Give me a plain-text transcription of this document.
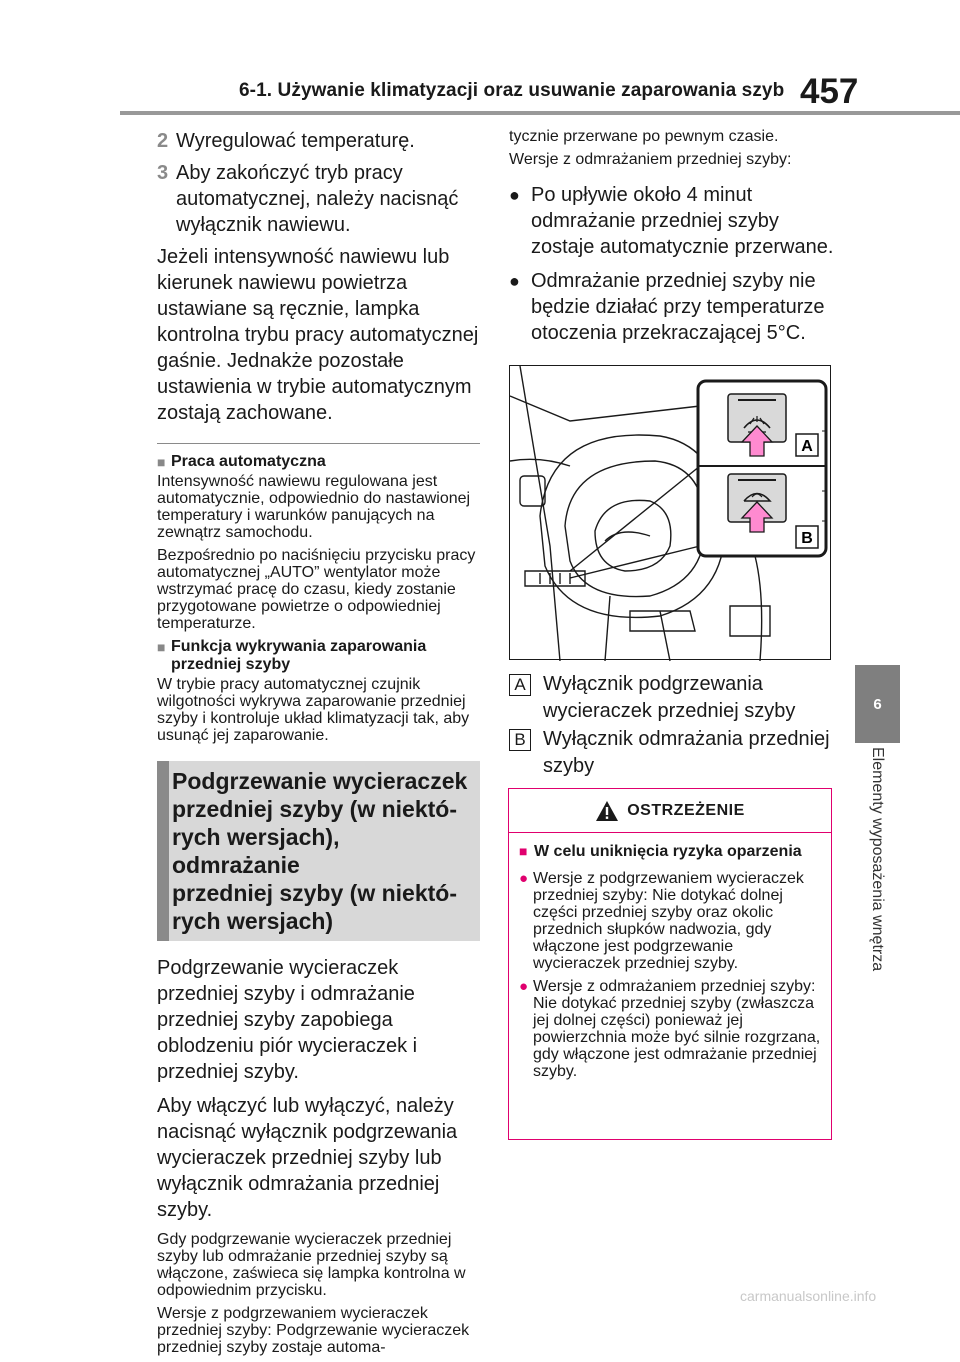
6-1. Używanie klimatyzacji oraz usuwanie zaparowania szyb 457
2 Wyregulować temperaturę.
3 Aby zakończyć tryb pracy automatycznej, należy nacisnąć wyłącznik nawiewu.

Jeżeli intensywność nawiewu lub kierunek nawiewu powietrza ustawiane są ręcznie, lampka kontrolna trybu pracy automatycznej gaśnie. Jednakże pozostałe ustawienia w trybie automatycznym zostają zachowane.

■ Praca automatyczna

Intensywność nawiewu regulowana jest automatycznie, odpowiednio do nastawionej temperatury i warunków panujących na zewnątrz samochodu.

Bezpośrednio po naciśnięciu przycisku pracy automatycznej „AUTO” wentylator może wstrzymać pracę do czasu, kiedy zostanie przygotowane powietrze o odpowiedniej temperaturze.

■ Funkcja wykrywania zaparowania przedniej szyby

W trybie pracy automatycznej czujnik wilgotności wykrywa zaparowanie przedniej szyby i kontroluje układ klimatyzacji tak, aby usunąć jej zaparowanie.

Podgrzewanie wycieraczek
przedniej szyby (w niektó-
rych wersjach), odmrażanie
przedniej szyby (w niektó-
rych wersjach)

Podgrzewanie wycieraczek przedniej szyby i odmrażanie przedniej szyby zapobiega oblodzeniu piór wycieraczek i przedniej szyby.

Aby włączyć lub wyłączyć, należy nacisnąć wyłącznik podgrzewania wycieraczek przedniej szyby lub wyłącznik odmrażania przedniej szyby.

Gdy podgrzewanie wycieraczek przedniej szyby lub odmrażanie przedniej szyby są włączone, zaświeca się lampka kontrolna w odpowiednim przycisku.

Wersje z podgrzewaniem wycieraczek przedniej szyby: Podgrzewanie wycieraczek przedniej szyby zostaje automa-

tycznie przerwane po pewnym czasie.

Wersje z odmrażaniem przedniej szyby:

● Po upływie około 4 minut odmrażanie przedniej szyby zostaje automatycznie przerwane.
● Odmrażanie przedniej szyby nie będzie działać przy temperaturze otoczenia przekraczającej 5°C.
A
B
A Wyłącznik podgrzewania wycieraczek przedniej szyby
B Wyłącznik odmrażania przedniej szyby
OSTRZEŻENIE
■ W celu uniknięcia ryzyka oparzenia
● Wersje z podgrzewaniem wycieraczek przedniej szyby: Nie dotykać dolnej części przedniej szyby oraz okolic przednich słupków nadwozia, gdy włączone jest podgrzewanie wycieraczek przedniej szyby.
● Wersje z odmrażaniem przedniej szyby: Nie dotykać przedniej szyby (zwłaszcza jej dolnej części) ponieważ jej powierzchnia może być silnie rozgrzana, gdy włączone jest odmrażanie przedniej szyby.
6
Elementy wyposażenia wnętrza
carmanualsonline.info
